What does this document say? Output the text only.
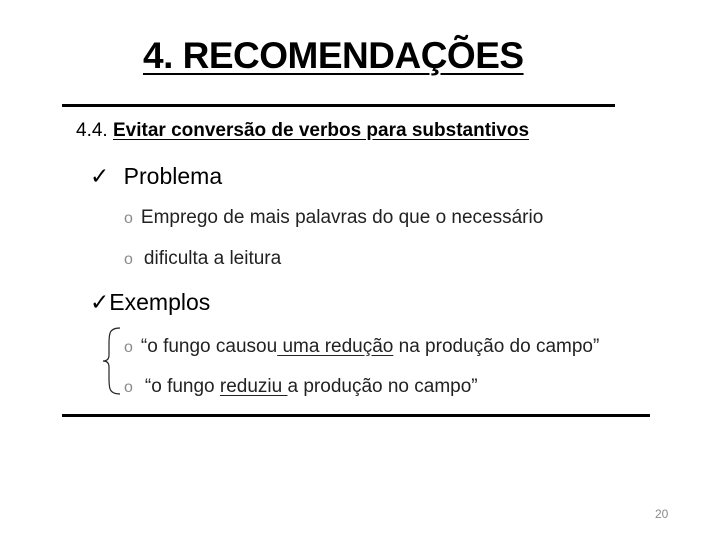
4. RECOMENDAÇÕES
4.4. Evitar conversão de verbos para substantivos
✓ Problema
o Emprego de mais palavras do que o necessário
o dificulta a leitura
✓Exemplos
o “o fungo causou uma redução na produção do campo”
o “o fungo reduziu a produção no campo”
20
